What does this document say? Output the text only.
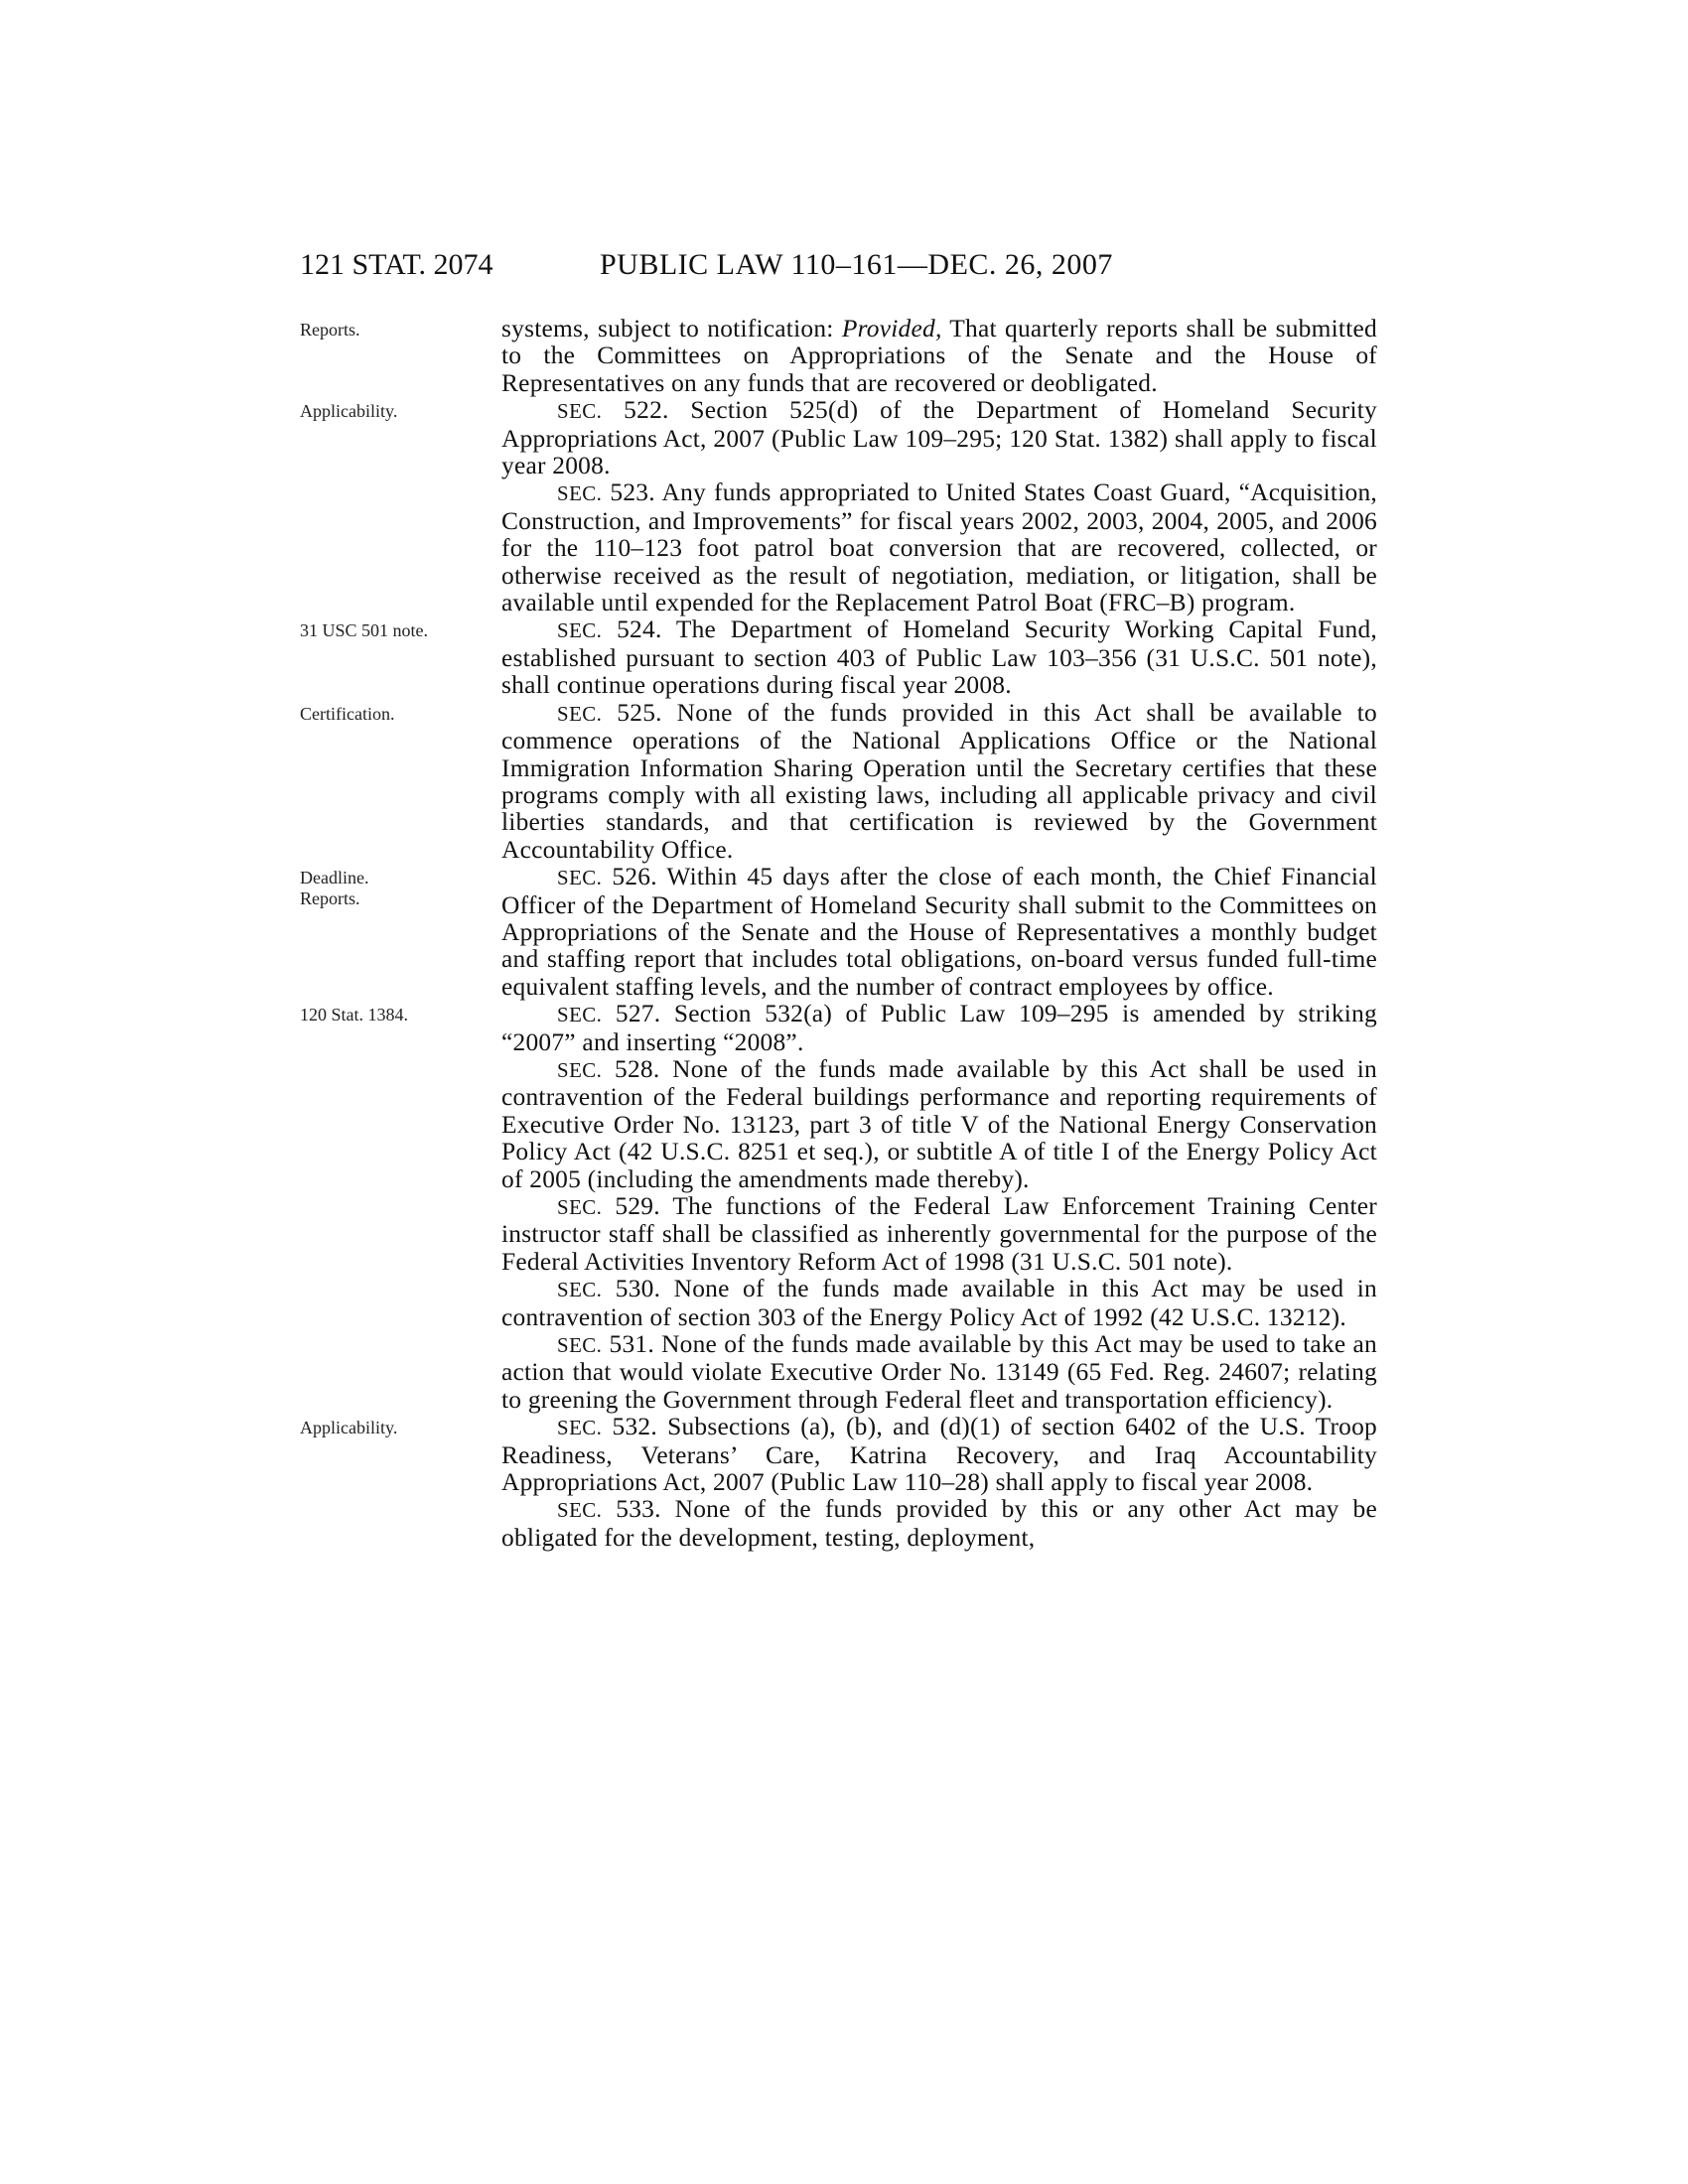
121 STAT. 2074	PUBLIC LAW 110–161—DEC. 26, 2007
Reports.	systems, subject to notification: Provided, That quarterly reports shall be submitted to the Committees on Appropriations of the Senate and the House of Representatives on any funds that are recovered or deobligated.
Applicability.	SEC. 522. Section 525(d) of the Department of Homeland Security Appropriations Act, 2007 (Public Law 109–295; 120 Stat. 1382) shall apply to fiscal year 2008.
SEC. 523. Any funds appropriated to United States Coast Guard, “Acquisition, Construction, and Improvements” for fiscal years 2002, 2003, 2004, 2005, and 2006 for the 110–123 foot patrol boat conversion that are recovered, collected, or otherwise received as the result of negotiation, mediation, or litigation, shall be available until expended for the Replacement Patrol Boat (FRC–B) program.
31 USC 501 note.	SEC. 524. The Department of Homeland Security Working Capital Fund, established pursuant to section 403 of Public Law 103–356 (31 U.S.C. 501 note), shall continue operations during fiscal year 2008.
Certification.	SEC. 525. None of the funds provided in this Act shall be available to commence operations of the National Applications Office or the National Immigration Information Sharing Operation until the Secretary certifies that these programs comply with all existing laws, including all applicable privacy and civil liberties standards, and that certification is reviewed by the Government Accountability Office.
Deadline.
Reports.
SEC. 526. Within 45 days after the close of each month, the Chief Financial Officer of the Department of Homeland Security shall submit to the Committees on Appropriations of the Senate and the House of Representatives a monthly budget and staffing report that includes total obligations, on-board versus funded full-time equivalent staffing levels, and the number of contract employees by office.
120 Stat. 1384.	SEC. 527. Section 532(a) of Public Law 109–295 is amended by striking “2007” and inserting “2008”.
SEC. 528. None of the funds made available by this Act shall be used in contravention of the Federal buildings performance and reporting requirements of Executive Order No. 13123, part 3 of title V of the National Energy Conservation Policy Act (42 U.S.C. 8251 et seq.), or subtitle A of title I of the Energy Policy Act of 2005 (including the amendments made thereby).
SEC. 529. The functions of the Federal Law Enforcement Training Center instructor staff shall be classified as inherently governmental for the purpose of the Federal Activities Inventory Reform Act of 1998 (31 U.S.C. 501 note).
SEC. 530. None of the funds made available in this Act may be used in contravention of section 303 of the Energy Policy Act of 1992 (42 U.S.C. 13212).
SEC. 531. None of the funds made available by this Act may be used to take an action that would violate Executive Order No. 13149 (65 Fed. Reg. 24607; relating to greening the Government through Federal fleet and transportation efficiency).
Applicability.	SEC. 532. Subsections (a), (b), and (d)(1) of section 6402 of the U.S. Troop Readiness, Veterans’ Care, Katrina Recovery, and Iraq Accountability Appropriations Act, 2007 (Public Law 110–28) shall apply to fiscal year 2008.
SEC. 533. None of the funds provided by this or any other Act may be obligated for the development, testing, deployment,
